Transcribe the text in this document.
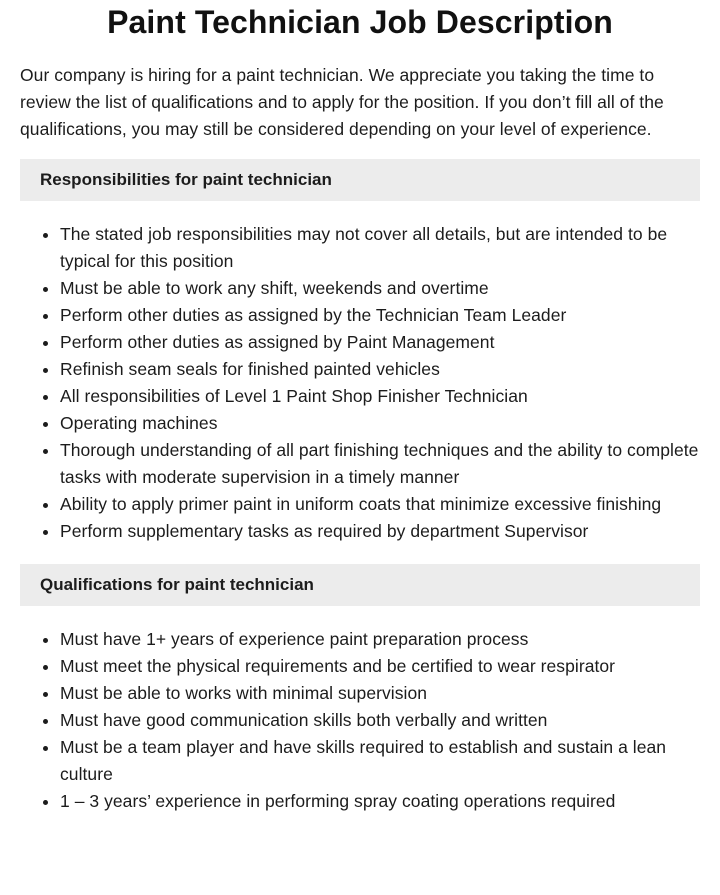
Paint Technician Job Description

Our company is hiring for a paint technician. We appreciate you taking the time to review the list of qualifications and to apply for the position. If you don’t fill all of the qualifications, you may still be considered depending on your level of experience.

Responsibilities for paint technician
• The stated job responsibilities may not cover all details, but are intended to be typical for this position
• Must be able to work any shift, weekends and overtime
• Perform other duties as assigned by the Technician Team Leader
• Perform other duties as assigned by Paint Management
• Refinish seam seals for finished painted vehicles
• All responsibilities of Level 1 Paint Shop Finisher Technician
• Operating machines
• Thorough understanding of all part finishing techniques and the ability to complete tasks with moderate supervision in a timely manner
• Ability to apply primer paint in uniform coats that minimize excessive finishing
• Perform supplementary tasks as required by department Supervisor
Qualifications for paint technician
• Must have 1+ years of experience paint preparation process
• Must meet the physical requirements and be certified to wear respirator
• Must be able to works with minimal supervision
• Must have good communication skills both verbally and written
• Must be a team player and have skills required to establish and sustain a lean culture
• 1 – 3 years’ experience in performing spray coating operations required
